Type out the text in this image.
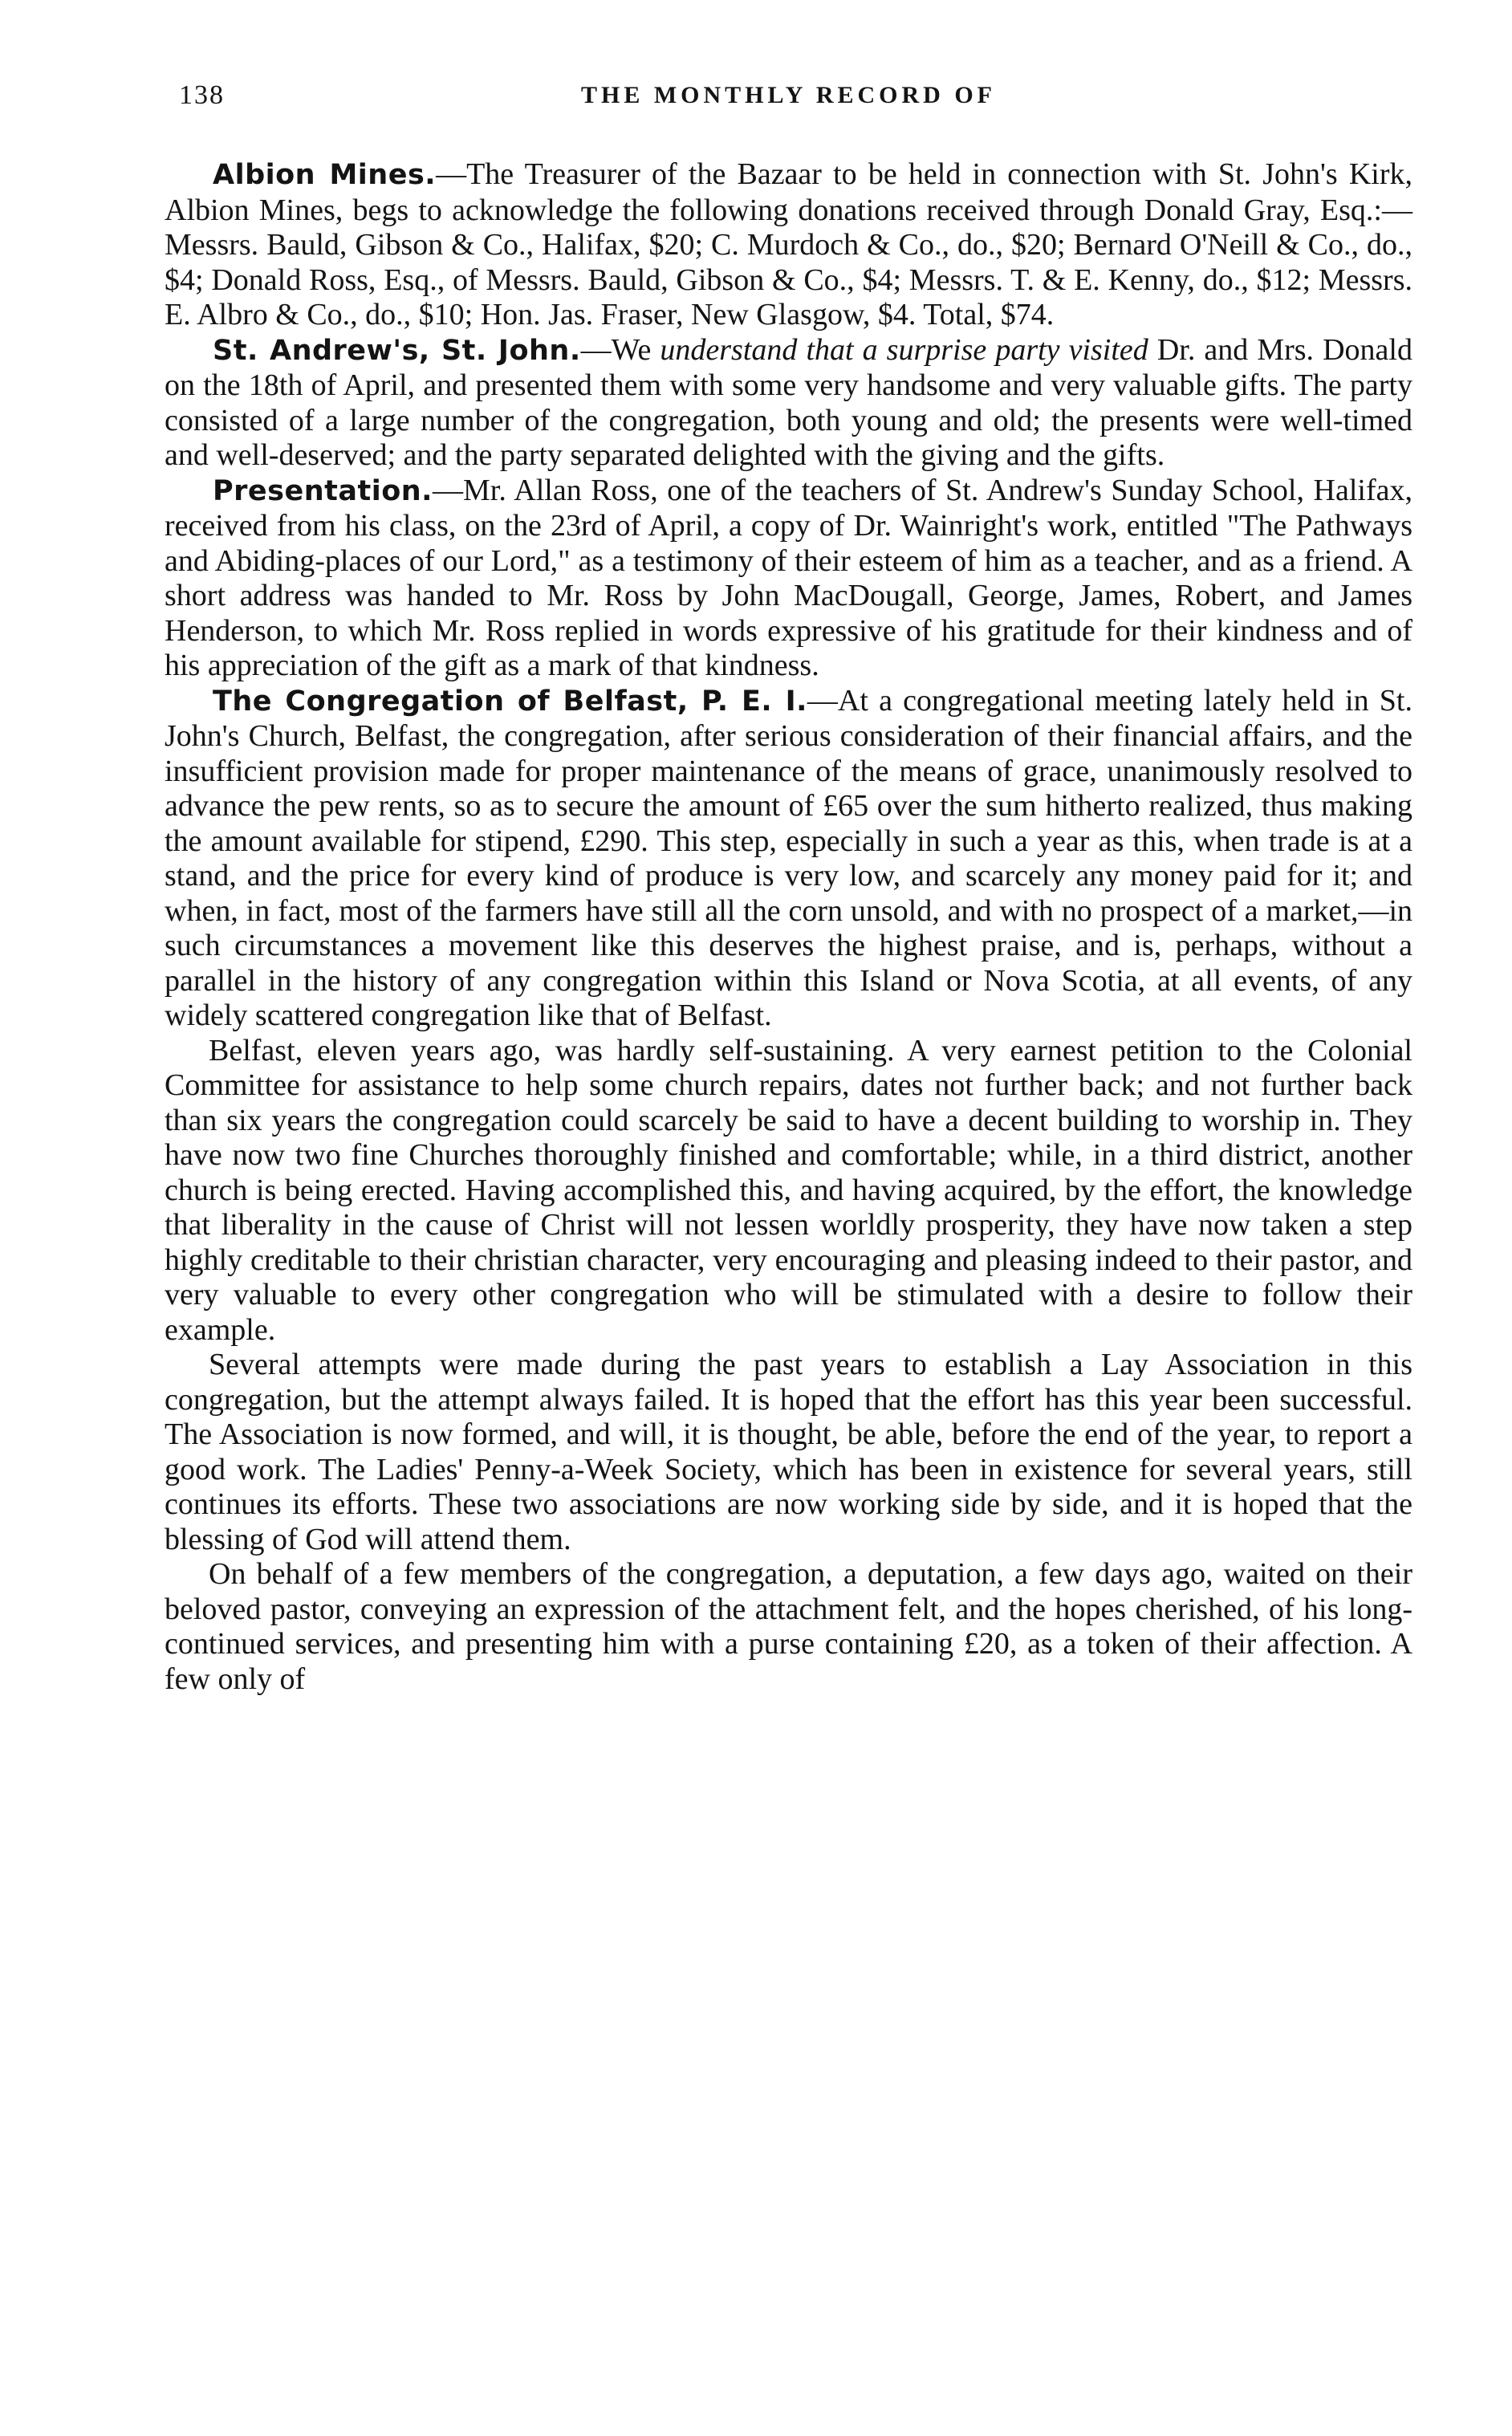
138	THE MONTHLY RECORD OF

Albion Mines.—The Treasurer of the Bazaar to be held in connection with St. John's Kirk, Albion Mines, begs to acknowledge the following donations received through Donald Gray, Esq.:—Messrs. Bauld, Gibson & Co., Halifax, $20; C. Murdoch & Co., do., $20; Bernard O'Neill & Co., do., $4; Donald Ross, Esq., of Messrs. Bauld, Gibson & Co., $4; Messrs. T. & E. Kenny, do., $12; Messrs. E. Albro & Co., do., $10; Hon. Jas. Fraser, New Glasgow, $4. Total, $74.

St. Andrew's, St. John.—We understand that a surprise party visited Dr. and Mrs. Donald on the 18th of April, and presented them with some very handsome and very valuable gifts. The party consisted of a large number of the congregation, both young and old; the presents were well-timed and well-deserved; and the party separated delighted with the giving and the gifts.

Presentation.—Mr. Allan Ross, one of the teachers of St. Andrew's Sunday School, Halifax, received from his class, on the 23rd of April, a copy of Dr. Wainright's work, entitled "The Pathways and Abiding-places of our Lord," as a testimony of their esteem of him as a teacher, and as a friend. A short address was handed to Mr. Ross by John MacDougall, George, James, Robert, and James Henderson, to which Mr. Ross replied in words expressive of his gratitude for their kindness and of his appreciation of the gift as a mark of that kindness.

The Congregation of Belfast, P. E. I.—At a congregational meeting lately held in St. John's Church, Belfast, the congregation, after serious consideration of their financial affairs, and the insufficient provision made for proper maintenance of the means of grace, unanimously resolved to advance the pew rents, so as to secure the amount of £65 over the sum hitherto realized, thus making the amount available for stipend, £290. This step, especially in such a year as this, when trade is at a stand, and the price for every kind of produce is very low, and scarcely any money paid for it; and when, in fact, most of the farmers have still all the corn unsold, and with no prospect of a market,—in such circumstances a movement like this deserves the highest praise, and is, perhaps, without a parallel in the history of any congregation within this Island or Nova Scotia, at all events, of any widely scattered congregation like that of Belfast.

Belfast, eleven years ago, was hardly self-sustaining. A very earnest petition to the Colonial Committee for assistance to help some church repairs, dates not further back; and not further back than six years the congregation could scarcely be said to have a decent building to worship in. They have now two fine Churches thoroughly finished and comfortable; while, in a third district, another church is being erected. Having accomplished this, and having acquired, by the effort, the knowledge that liberality in the cause of Christ will not lessen worldly prosperity, they have now taken a step highly creditable to their christian character, very encouraging and pleasing indeed to their pastor, and very valuable to every other congregation who will be stimulated with a desire to follow their example.

Several attempts were made during the past years to establish a Lay Association in this congregation, but the attempt always failed. It is hoped that the effort has this year been successful. The Association is now formed, and will, it is thought, be able, before the end of the year, to report a good work. The Ladies' Penny-a-Week Society, which has been in existence for several years, still continues its efforts. These two associations are now working side by side, and it is hoped that the blessing of God will attend them.

On behalf of a few members of the congregation, a deputation, a few days ago, waited on their beloved pastor, conveying an expression of the attachment felt, and the hopes cherished, of his long-continued services, and presenting him with a purse containing £20, as a token of their affection. A few only of
